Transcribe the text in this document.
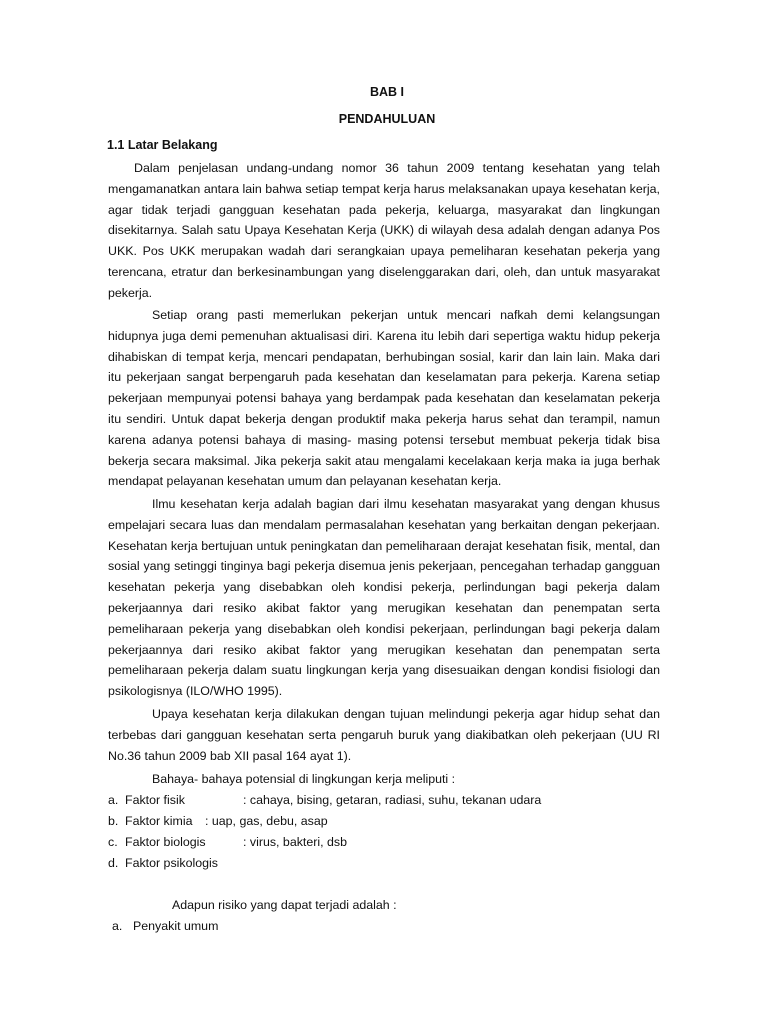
BAB I
PENDAHULUAN

1.1 Latar Belakang

Dalam penjelasan undang-undang nomor 36 tahun 2009 tentang kesehatan yang telah mengamanatkan antara lain bahwa setiap tempat kerja harus melaksanakan upaya kesehatan kerja, agar tidak terjadi gangguan kesehatan pada pekerja, keluarga, masyarakat dan lingkungan disekitarnya. Salah satu Upaya Kesehatan Kerja (UKK) di wilayah desa adalah dengan adanya Pos UKK. Pos UKK merupakan wadah dari serangkaian upaya pemeliharan kesehatan pekerja yang terencana, etratur dan berkesinambungan yang diselenggarakan dari, oleh, dan untuk masyarakat pekerja.

Setiap orang pasti memerlukan pekerjan untuk mencari nafkah demi kelangsungan hidupnya juga demi pemenuhan aktualisasi diri. Karena itu lebih dari sepertiga waktu hidup pekerja dihabiskan di tempat kerja, mencari pendapatan, berhubingan sosial, karir dan lain lain. Maka dari itu pekerjaan sangat berpengaruh pada kesehatan dan keselamatan para pekerja. Karena setiap pekerjaan mempunyai potensi bahaya yang berdampak pada kesehatan dan keselamatan pekerja itu sendiri. Untuk dapat bekerja dengan produktif maka pekerja harus sehat dan terampil, namun karena adanya potensi bahaya di masing- masing potensi tersebut membuat pekerja tidak bisa bekerja secara maksimal. Jika pekerja sakit atau mengalami kecelakaan kerja maka ia juga berhak mendapat pelayanan kesehatan umum dan pelayanan kesehatan kerja.

Ilmu kesehatan kerja adalah bagian dari ilmu kesehatan masyarakat yang dengan khusus empelajari secara luas dan mendalam permasalahan kesehatan yang berkaitan dengan pekerjaan. Kesehatan kerja bertujuan untuk peningkatan dan pemeliharaan derajat kesehatan fisik, mental, dan sosial yang setinggi tinginya bagi pekerja disemua jenis pekerjaan, pencegahan terhadap gangguan kesehatan pekerja yang disebabkan oleh kondisi pekerja, perlindungan bagi pekerja dalam pekerjaannya dari resiko akibat faktor yang merugikan kesehatan dan penempatan serta pemeliharaan pekerja yang disebabkan oleh kondisi pekerjaan, perlindungan bagi pekerja dalam pekerjaannya dari resiko akibat faktor yang merugikan kesehatan dan penempatan serta pemeliharaan pekerja dalam suatu lingkungan kerja yang disesuaikan dengan kondisi fisiologi dan psikologisnya (ILO/WHO 1995).

Upaya kesehatan kerja dilakukan dengan tujuan melindungi pekerja agar hidup sehat dan terbebas dari gangguan kesehatan serta pengaruh buruk yang diakibatkan oleh pekerjaan (UU RI No.36 tahun 2009 bab XII pasal 164 ayat 1).

Bahaya- bahaya potensial di lingkungan kerja meliputi :

a. Faktor fisik	: cahaya, bising, getaran, radiasi, suhu, tekanan udara
b. Faktor kimia : uap, gas, debu, asap
c. Faktor biologis	: virus, bakteri, dsb
d. Faktor psikologis

Adapun risiko yang dapat terjadi adalah :

a. Penyakit umum
